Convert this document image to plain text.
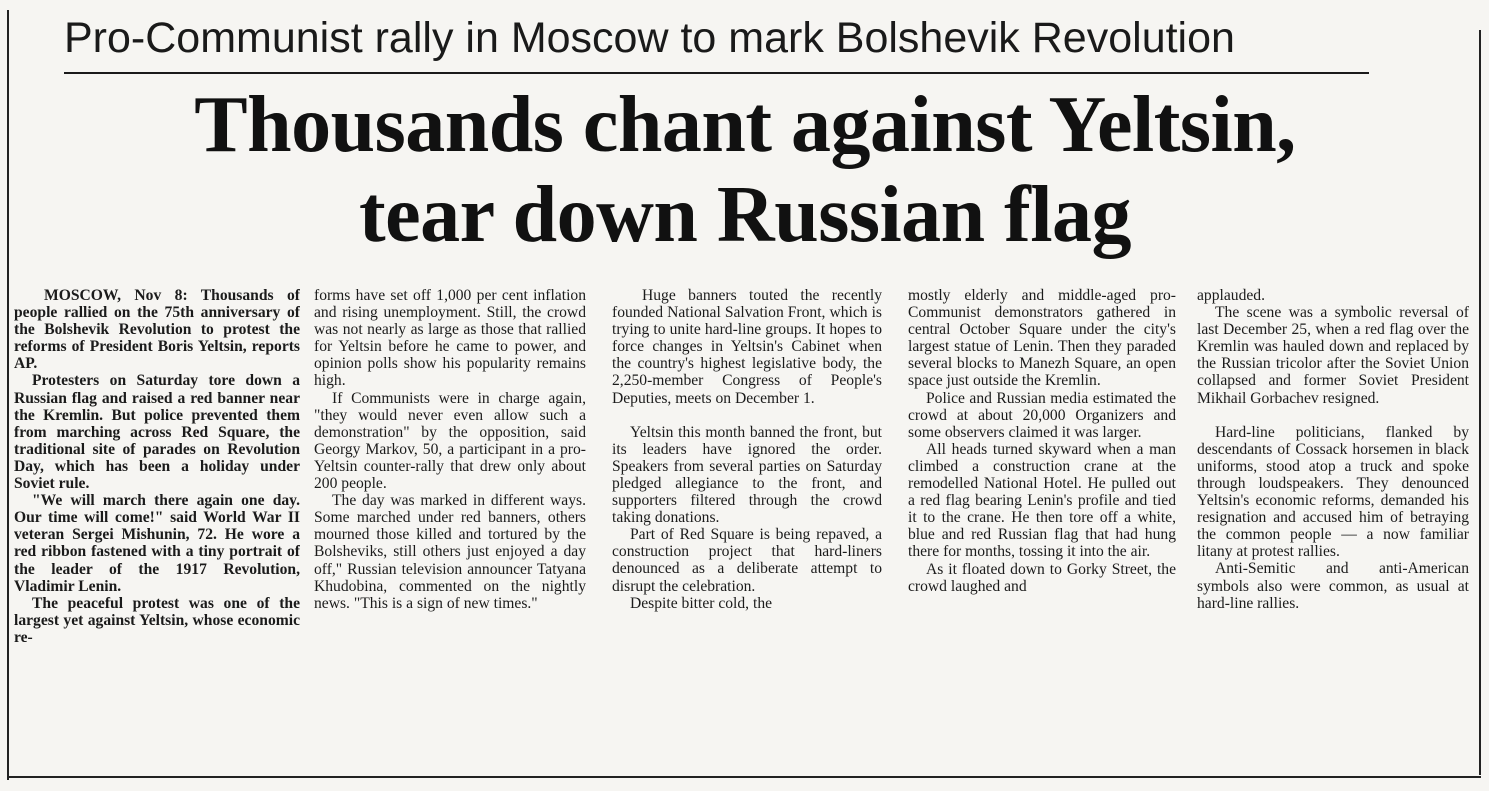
Pro-Communist rally in Moscow to mark Bolshevik Revolution
Thousands chant against Yeltsin,
tear down Russian flag

MOSCOW, Nov 8: Thousands of people rallied on the 75th anniversary of the Bolshevik Revolution to protest the reforms of President Boris Yeltsin, reports AP.

Protesters on Saturday tore down a Russian flag and raised a red banner near the Kremlin. But police prevented them from marching across Red Square, the traditional site of parades on Revolution Day, which has been a holiday under Soviet rule.

"We will march there again one day. Our time will come!" said World War II veteran Sergei Mishunin, 72. He wore a red ribbon fastened with a tiny portrait of the leader of the 1917 Revolution, Vladimir Lenin.

The peaceful protest was one of the largest yet against Yeltsin, whose economic re-

forms have set off 1,000 per cent inflation and rising unemployment. Still, the crowd was not nearly as large as those that rallied for Yeltsin before he came to power, and opinion polls show his popularity remains high.

If Communists were in charge again, "they would never even allow such a demonstration" by the opposition, said Georgy Markov, 50, a participant in a pro-Yeltsin counter-rally that drew only about 200 people.

The day was marked in different ways. Some marched under red banners, others mourned those killed and tortured by the Bolsheviks, still others just enjoyed a day off," Russian television announcer Tatyana Khudobina, commented on the nightly news. "This is a sign of new times."

Huge banners touted the recently founded National Salvation Front, which is trying to unite hard-line groups. It hopes to force changes in Yeltsin's Cabinet when the country's highest legislative body, the 2,250-member Congress of People's Deputies, meets on December 1.

Yeltsin this month banned the front, but its leaders have ignored the order. Speakers from several parties on Saturday pledged allegiance to the front, and supporters filtered through the crowd taking donations.

Part of Red Square is being repaved, a construction project that hard-liners denounced as a deliberate attempt to disrupt the celebration.

Despite bitter cold, the

mostly elderly and middle-aged pro-Communist demonstrators gathered in central October Square under the city's largest statue of Lenin. Then they paraded several blocks to Manezh Square, an open space just outside the Kremlin.

Police and Russian media estimated the crowd at about 20,000 Organizers and some observers claimed it was larger.

All heads turned skyward when a man climbed a construction crane at the remodelled National Hotel. He pulled out a red flag bearing Lenin's profile and tied it to the crane. He then tore off a white, blue and red Russian flag that had hung there for months, tossing it into the air.

As it floated down to Gorky Street, the crowd laughed and

applauded.

The scene was a symbolic reversal of last December 25, when a red flag over the Kremlin was hauled down and replaced by the Russian tricolor after the Soviet Union collapsed and former Soviet President Mikhail Gorbachev resigned.

Hard-line politicians, flanked by descendants of Cossack horsemen in black uniforms, stood atop a truck and spoke through loudspeakers. They denounced Yeltsin's economic reforms, demanded his resignation and accused him of betraying the common people — a now familiar litany at protest rallies.

Anti-Semitic and anti-American symbols also were common, as usual at hard-line rallies.
